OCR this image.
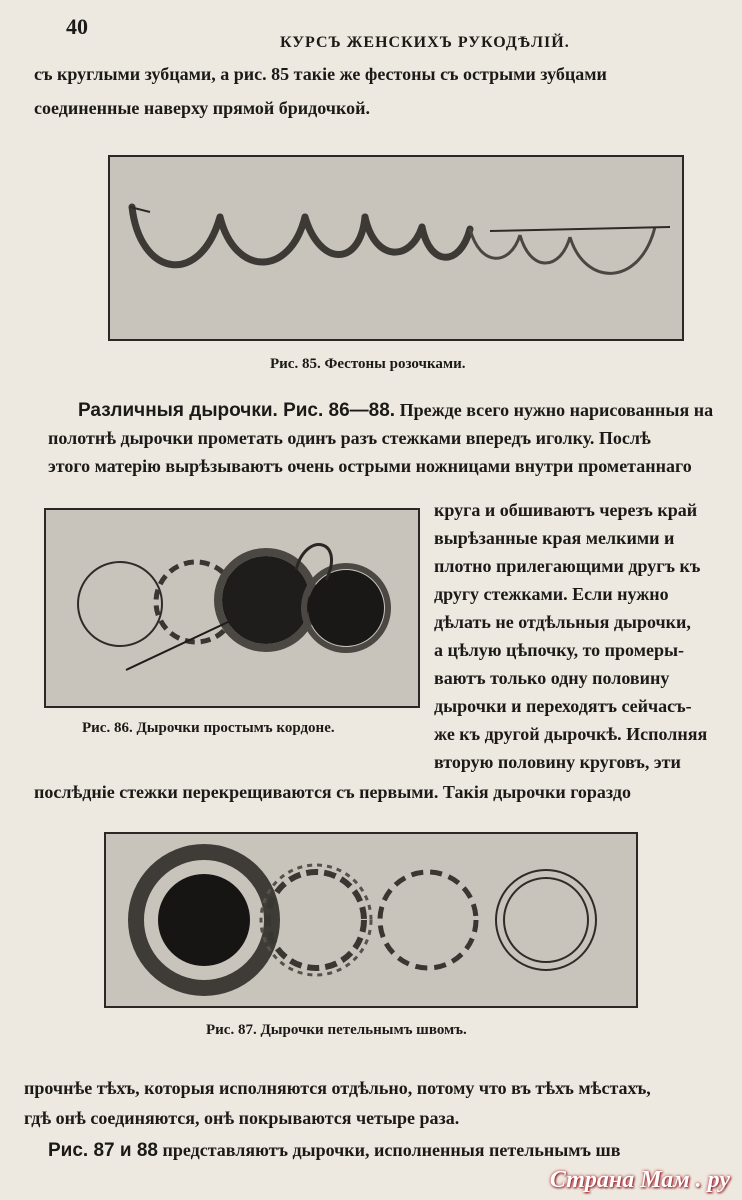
40
КУРСЪ ЖЕНСКИХЪ РУКОДѢЛІЙ.
съ круглыми зубцами, а рис. 85 такіе же фестоны съ острыми зубцами
соединенные наверху прямой бридочкой.
Рис. 85. Фестоны розочками.
Различныя дырочки. Рис. 86—88. Прежде всего нужно нарисованныя на
полотнѣ дырочки прометать одинъ разъ стежками впередъ иголку. Послѣ
этого матерію вырѣзываютъ очень острыми ножницами внутри прометаннаго
Рис. 86. Дырочки простымъ кордоне.
круга и обшиваютъ черезъ край
вырѣзанные края мелкими и
плотно прилегающими другъ къ
другу стежками. Если нужно
дѣлать не отдѣльныя дырочки,
а цѣлую цѣпочку, то промеры-
ваютъ только одну половину
дырочки и переходятъ сейчасъ-
же къ другой дырочкѣ. Исполняя
вторую половину круговъ, эти
послѣдніе стежки перекрещиваются съ первыми. Такія дырочки гораздо
Рис. 87. Дырочки петельнымъ швомъ.
прочнѣе тѣхъ, которыя исполняются отдѣльно, потому что въ тѣхъ мѣстахъ,
гдѣ онѣ соединяются, онѣ покрываются четыре раза.
Рис. 87 и 88 представляютъ дырочки, исполненныя петельнымъ шв
Страна Мам . ру
